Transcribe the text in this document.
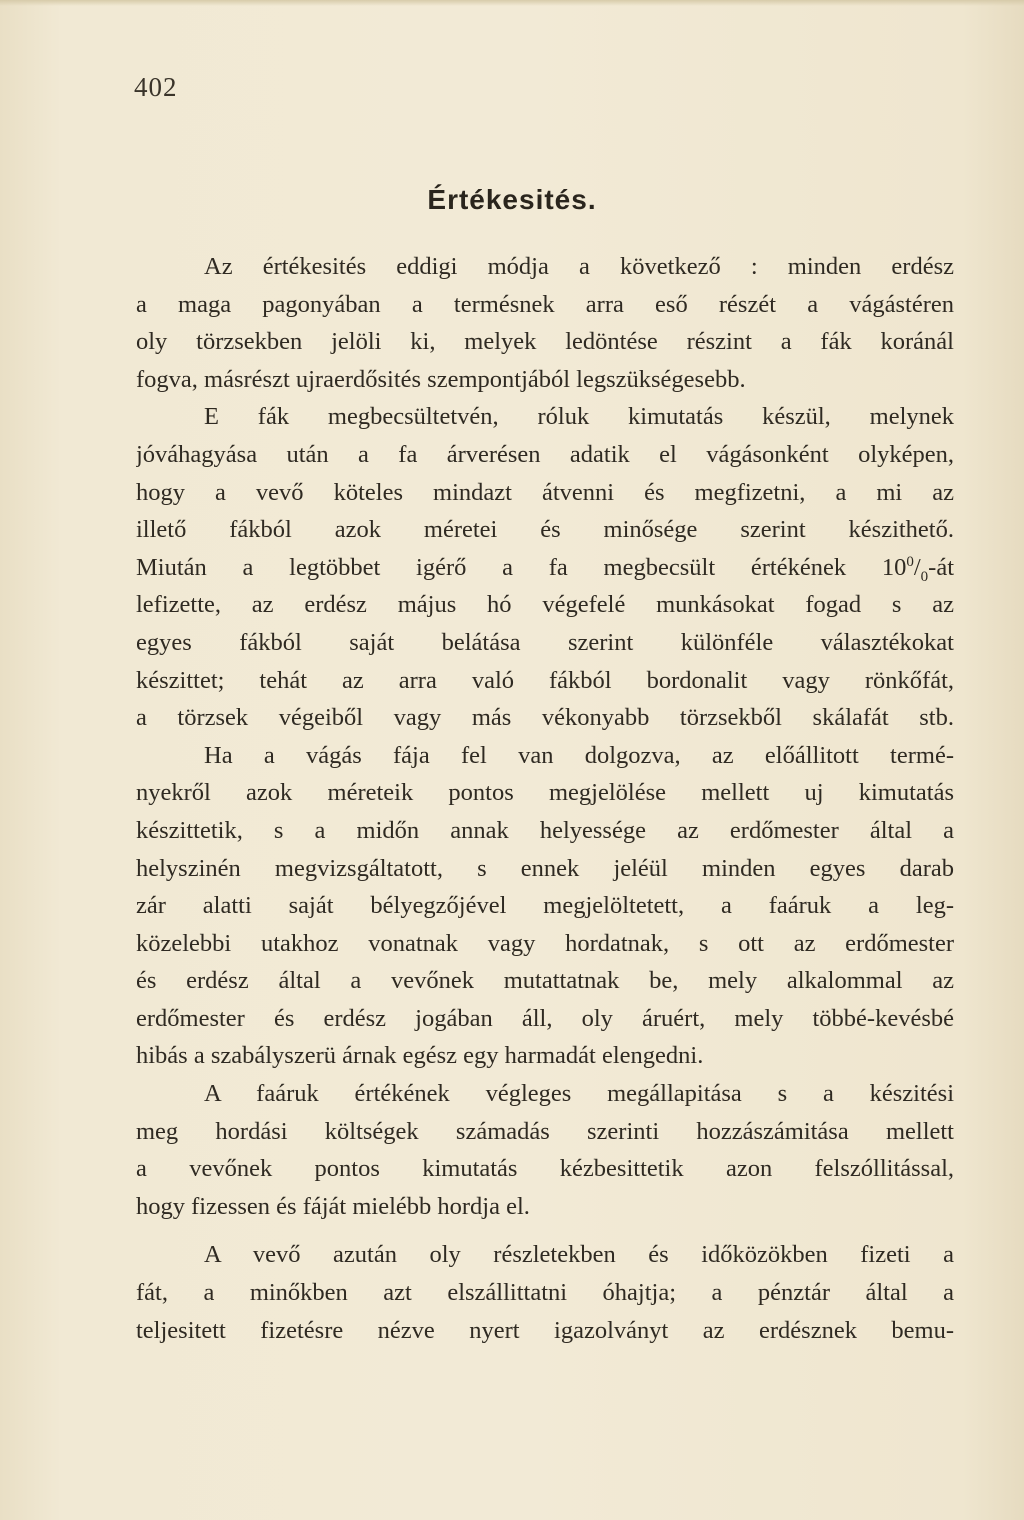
402
Értékesités.
Az értékesités eddigi módja a következő : minden erdész
a maga pagonyában a termésnek arra eső részét a vágástéren
oly törzsekben jelöli ki, melyek ledöntése részint a fák koránál
fogva, másrészt ujraerdősités szempontjából legszükségesebb.
E fák megbecsültetvén, róluk kimutatás készül, melynek
jóváhagyása után a fa árverésen adatik el vágásonként olyképen,
hogy a vevő köteles mindazt átvenni és megfizetni, a mi az
illető fákból azok méretei és minősége szerint készithető.
Miután a legtöbbet igérő a fa megbecsült értékének $10^0/_0-át$
lefizette, az erdész május hó végefelé munkásokat fogad s az
egyes fákból saját belátása szerint különféle választékokat
készittet; tehát az arra való fákból bordonalit vagy rönkőfát,
a törzsek végeiből vagy más vékonyabb törzsekből skálafát stb.
Ha a vágás fája fel van dolgozva, az előállitott termé-
nyekről azok méreteik pontos megjelölése mellett uj kimutatás
készittetik, s a midőn annak helyessége az erdőmester által a
helyszinén megvizsgáltatott, s ennek jeléül minden egyes darab
zár alatti saját bélyegzőjével megjelöltetett, a faáruk a leg-
közelebbi utakhoz vonatnak vagy hordatnak, s ott az erdőmester
és erdész által a vevőnek mutattatnak be, mely alkalommal az
erdőmester és erdész jogában áll, oly áruért, mely többé-kevésbé
hibás a szabályszerü árnak egész egy harmadát elengedni.
A faáruk értékének végleges megállapitása s a készitési
meg hordási költségek számadás szerinti hozzászámitása mellett
a vevőnek pontos kimutatás kézbesittetik azon felszóllitással,
hogy fizessen és fáját mielébb hordja el.
A vevő azután oly részletekben és időközökben fizeti a
fát, a minőkben azt elszállittatni óhajtja; a pénztár által a
teljesitett fizetésre nézve nyert igazolványt az erdésznek bemu-
